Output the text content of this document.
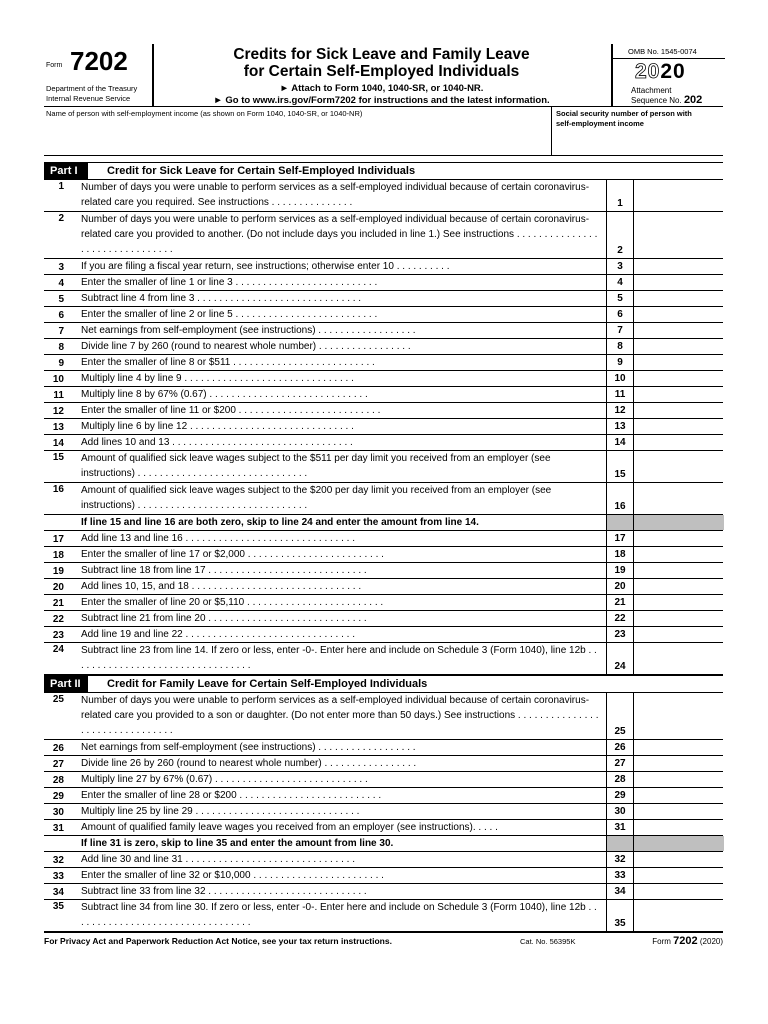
Form 7202
Department of the Treasury
Internal Revenue Service
Credits for Sick Leave and Family Leave
for Certain Self-Employed Individuals
► Attach to Form 1040, 1040-SR, or 1040-NR.
► Go to www.irs.gov/Form7202 for instructions and the latest information.
OMB No. 1545-0074
2020
Attachment
Sequence No. 202
Name of person with self-employment income (as shown on Form 1040, 1040-SR, or 1040-NR)	Social security number of person with
self-employment income
Part I	Credit for Sick Leave for Certain Self-Employed Individuals
1 Number of days you were unable to perform services as a self-employed individual because of certain coronavirus-related care you required. See instructions . . . . . . . . . . . . . . .	1
2 Number of days you were unable to perform services as a self-employed individual because of certain coronavirus-related care you provided to another. (Do not include days you included in line 1.) See instructions . . . . . . . . . . . . . . . . . . . . . . . . . . . . . . . .	2
3 If you are filing a fiscal year return, see instructions; otherwise enter 10 . . . . . . . . . .	3
4 Enter the smaller of line 1 or line 3 . . . . . . . . . . . . . . . . . . . . . . . . . .	4
5 Subtract line 4 from line 3 . . . . . . . . . . . . . . . . . . . . . . . . . . . . . .	5
6 Enter the smaller of line 2 or line 5 . . . . . . . . . . . . . . . . . . . . . . . . . .	6
7 Net earnings from self-employment (see instructions) . . . . . . . . . . . . . . . . . .	7
8 Divide line 7 by 260 (round to nearest whole number) . . . . . . . . . . . . . . . . .	8
9 Enter the smaller of line 8 or $511 . . . . . . . . . . . . . . . . . . . . . . . . . .	9
10 Multiply line 4 by line 9 . . . . . . . . . . . . . . . . . . . . . . . . . . . . . . .	10
11 Multiply line 8 by 67% (0.67) . . . . . . . . . . . . . . . . . . . . . . . . . . . . .	11
12 Enter the smaller of line 11 or $200 . . . . . . . . . . . . . . . . . . . . . . . . . .	12
13 Multiply line 6 by line 12 . . . . . . . . . . . . . . . . . . . . . . . . . . . . . .	13
14 Add lines 10 and 13 . . . . . . . . . . . . . . . . . . . . . . . . . . . . . . . . .	14
15 Amount of qualified sick leave wages subject to the $511 per day limit you received from an employer (see instructions) . . . . . . . . . . . . . . . . . . . . . . . . . . . . . . .	15
16 Amount of qualified sick leave wages subject to the $200 per day limit you received from an employer (see instructions) . . . . . . . . . . . . . . . . . . . . . . . . . . . . . . .	16
If line 15 and line 16 are both zero, skip to line 24 and enter the amount from line 14.
17 Add line 13 and line 16 . . . . . . . . . . . . . . . . . . . . . . . . . . . . . . .	17
18 Enter the smaller of line 17 or $2,000 . . . . . . . . . . . . . . . . . . . . . . . . .	18
19 Subtract line 18 from line 17 . . . . . . . . . . . . . . . . . . . . . . . . . . . . .	19
20 Add lines 10, 15, and 18 . . . . . . . . . . . . . . . . . . . . . . . . . . . . . . .	20
21 Enter the smaller of line 20 or $5,110 . . . . . . . . . . . . . . . . . . . . . . . . .	21
22 Subtract line 21 from line 20 . . . . . . . . . . . . . . . . . . . . . . . . . . . . .	22
23 Add line 19 and line 22 . . . . . . . . . . . . . . . . . . . . . . . . . . . . . . .	23
24 Subtract line 23 from line 14. If zero or less, enter -0-. Enter here and include on Schedule 3 (Form 1040), line 12b . . . . . . . . . . . . . . . . . . . . . . . . . . . . . . . . .	24
Part II	Credit for Family Leave for Certain Self-Employed Individuals
25 Number of days you were unable to perform services as a self-employed individual because of certain coronavirus-related care you provided to a son or daughter. (Do not enter more than 50 days.) See instructions . . . . . . . . . . . . . . . . . . . . . . . . . . . . . . . .	25
26 Net earnings from self-employment (see instructions) . . . . . . . . . . . . . . . . . .	26
27 Divide line 26 by 260 (round to nearest whole number) . . . . . . . . . . . . . . . . .	27
28 Multiply line 27 by 67% (0.67) . . . . . . . . . . . . . . . . . . . . . . . . . . . .	28
29 Enter the smaller of line 28 or $200 . . . . . . . . . . . . . . . . . . . . . . . . . .	29
30 Multiply line 25 by line 29 . . . . . . . . . . . . . . . . . . . . . . . . . . . . . .	30
31 Amount of qualified family leave wages you received from an employer (see instructions). . . . .	31
If line 31 is zero, skip to line 35 and enter the amount from line 30.
32 Add line 30 and line 31 . . . . . . . . . . . . . . . . . . . . . . . . . . . . . . .	32
33 Enter the smaller of line 32 or $10,000 . . . . . . . . . . . . . . . . . . . . . . . .	33
34 Subtract line 33 from line 32 . . . . . . . . . . . . . . . . . . . . . . . . . . . . .	34
35 Subtract line 34 from line 30. If zero or less, enter -0-. Enter here and include on Schedule 3 (Form 1040), line 12b . . . . . . . . . . . . . . . . . . . . . . . . . . . . . . . . .	35
For Privacy Act and Paperwork Reduction Act Notice, see your tax return instructions.	Cat. No. 56395K	Form 7202 (2020)
